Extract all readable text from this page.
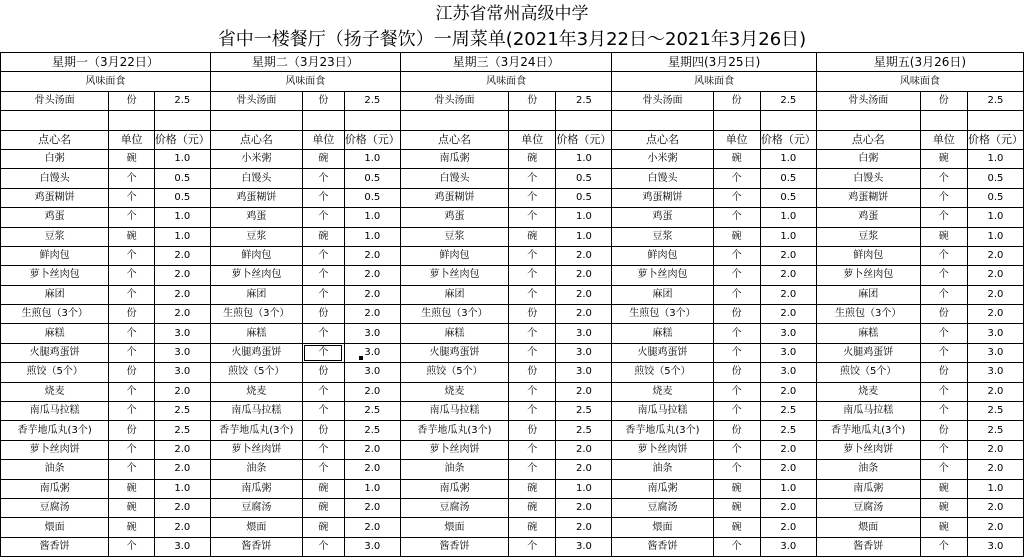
江苏省常州高级中学
省中一楼餐厅（扬子餐饮）一周菜单(2021年3月22日～2021年3月26日)
星期一（3月22日）			星期二（3月23日）			星期三（3月24日）			星期四(3月25日)			星期五(3月26日)		
风味面食			风味面食			风味面食			风味面食			风味面食		
骨头汤面	份	2.5	骨头汤面	份	2.5	骨头汤面	份	2.5	骨头汤面	份	2.5	骨头汤面	份	2.5

点心名	单位	价格（元）	点心名	单位	价格（元）	点心名	单位	价格（元）	点心名	单位	价格（元）	点心名	单位	价格（元）
白粥	碗	1.0	小米粥	碗	1.0	南瓜粥	碗	1.0	小米粥	碗	1.0	白粥	碗	1.0
白馒头	个	0.5	白馒头	个	0.5	白馒头	个	0.5	白馒头	个	0.5	白馒头	个	0.5
鸡蛋糊饼	个	0.5	鸡蛋糊饼	个	0.5	鸡蛋糊饼	个	0.5	鸡蛋糊饼	个	0.5	鸡蛋糊饼	个	0.5
鸡蛋	个	1.0	鸡蛋	个	1.0	鸡蛋	个	1.0	鸡蛋	个	1.0	鸡蛋	个	1.0
豆浆	碗	1.0	豆浆	碗	1.0	豆浆	碗	1.0	豆浆	碗	1.0	豆浆	碗	1.0
鲜肉包	个	2.0	鲜肉包	个	2.0	鲜肉包	个	2.0	鲜肉包	个	2.0	鲜肉包	个	2.0
萝卜丝肉包	个	2.0	萝卜丝肉包	个	2.0	萝卜丝肉包	个	2.0	萝卜丝肉包	个	2.0	萝卜丝肉包	个	2.0
麻团	个	2.0	麻团	个	2.0	麻团	个	2.0	麻团	个	2.0	麻团	个	2.0
生煎包（3个）	份	2.0	生煎包（3个）	份	2.0	生煎包（3个）	份	2.0	生煎包（3个）	份	2.0	生煎包（3个）	份	2.0
麻糕	个	3.0	麻糕	个	3.0	麻糕	个	3.0	麻糕	个	3.0	麻糕	个	3.0
火腿鸡蛋饼	个	3.0	火腿鸡蛋饼	个	3.0	火腿鸡蛋饼	个	3.0	火腿鸡蛋饼	个	3.0	火腿鸡蛋饼	个	3.0
煎饺（5个）	份	3.0	煎饺（5个）	份	3.0	煎饺（5个）	份	3.0	煎饺（5个）	份	3.0	煎饺（5个）	份	3.0
烧麦	个	2.0	烧麦	个	2.0	烧麦	个	2.0	烧麦	个	2.0	烧麦	个	2.0
南瓜马拉糕	个	2.5	南瓜马拉糕	个	2.5	南瓜马拉糕	个	2.5	南瓜马拉糕	个	2.5	南瓜马拉糕	个	2.5
香芋地瓜丸(3个)	份	2.5	香芋地瓜丸(3个)	份	2.5	香芋地瓜丸(3个)	份	2.5	香芋地瓜丸(3个)	份	2.5	香芋地瓜丸(3个)	份	2.5
萝卜丝肉饼	个	2.0	萝卜丝肉饼	个	2.0	萝卜丝肉饼	个	2.0	萝卜丝肉饼	个	2.0	萝卜丝肉饼	个	2.0
油条	个	2.0	油条	个	2.0	油条	个	2.0	油条	个	2.0	油条	个	2.0
南瓜粥	碗	1.0	南瓜粥	碗	1.0	南瓜粥	碗	1.0	南瓜粥	碗	1.0	南瓜粥	碗	1.0
豆腐汤	碗	2.0	豆腐汤	碗	2.0	豆腐汤	碗	2.0	豆腐汤	碗	2.0	豆腐汤	碗	2.0
煨面	碗	2.0	煨面	碗	2.0	煨面	碗	2.0	煨面	碗	2.0	煨面	碗	2.0
酱香饼	个	3.0	酱香饼	个	3.0	酱香饼	个	3.0	酱香饼	个	3.0	酱香饼	个	3.0
